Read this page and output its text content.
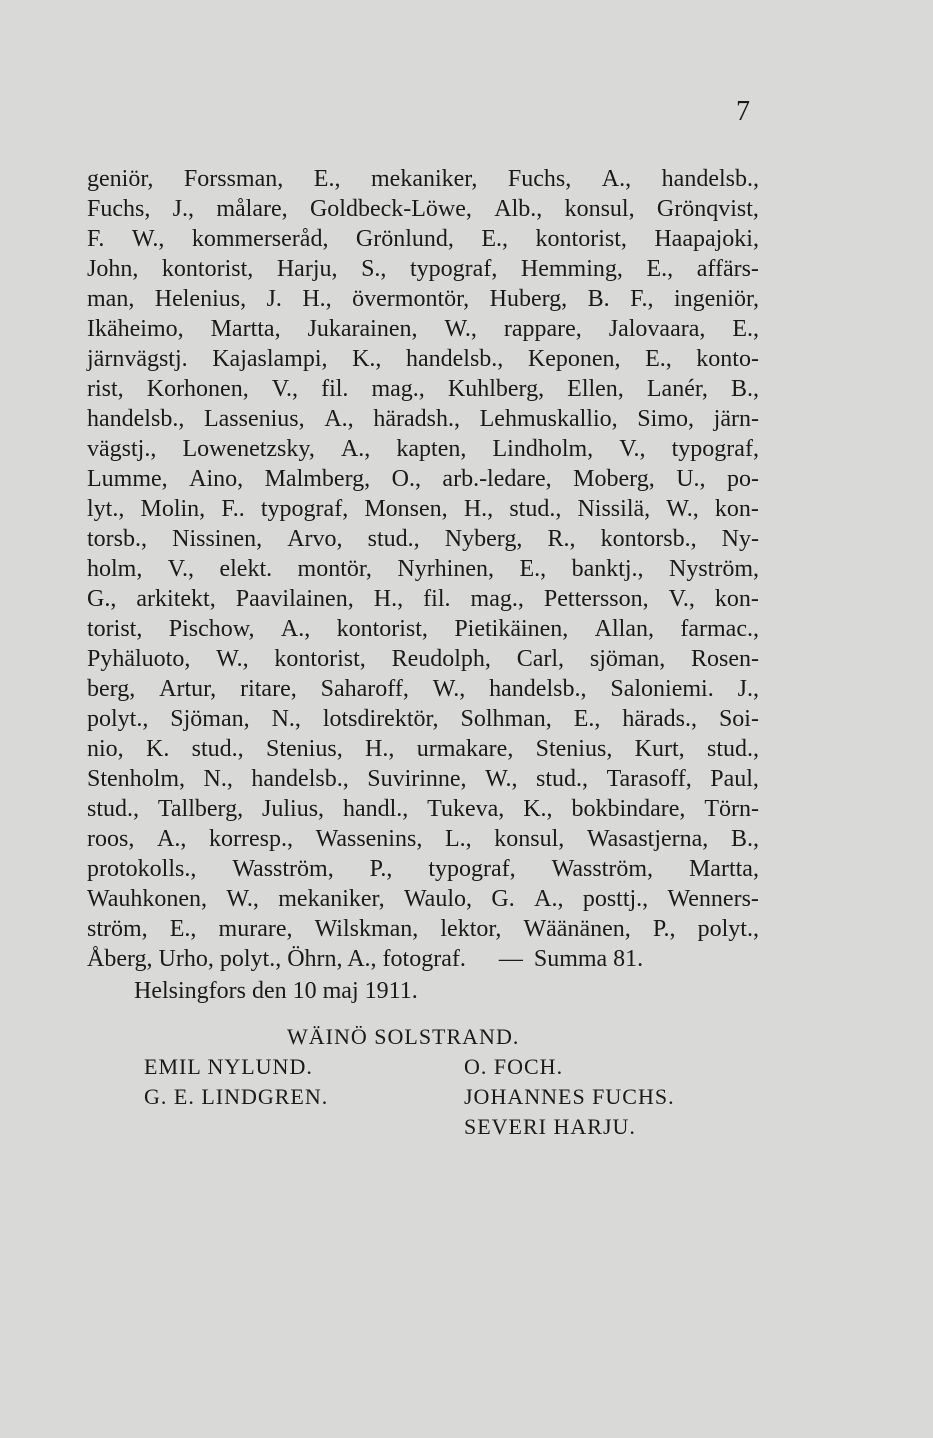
7
geniör, Forssman, E., mekaniker, Fuchs, A., handelsb.,
Fuchs, J., målare, Goldbeck-Löwe, Alb., konsul, Grönqvist,
F. W., kommerseråd, Grönlund, E., kontorist, Haapajoki,
John, kontorist, Harju, S., typograf, Hemming, E., affärs-
man, Helenius, J. H., övermontör, Huberg, B. F., ingeniör,
Ikäheimo, Martta, Jukarainen, W., rappare, Jalovaara, E.,
järnvägstj. Kajaslampi, K., handelsb., Keponen, E., konto-
rist, Korhonen, V., fil. mag., Kuhlberg, Ellen, Lanér, B.,
handelsb., Lassenius, A., häradsh., Lehmuskallio, Simo, järn-
vägstj., Lowenetzsky, A., kapten, Lindholm, V., typograf,
Lumme, Aino, Malmberg, O., arb.-ledare, Moberg, U., po-
lyt., Molin, F.. typograf, Monsen, H., stud., Nissilä, W., kon-
torsb., Nissinen, Arvo, stud., Nyberg, R., kontorsb., Ny-
holm, V., elekt. montör, Nyrhinen, E., banktj., Nyström,
G., arkitekt, Paavilainen, H., fil. mag., Pettersson, V., kon-
torist, Pischow, A., kontorist, Pietikäinen, Allan, farmac.,
Pyhäluoto, W., kontorist, Reudolph, Carl, sjöman, Rosen-
berg, Artur, ritare, Saharoff, W., handelsb., Saloniemi. J.,
polyt., Sjöman, N., lotsdirektör, Solhman, E., härads., Soi-
nio, K. stud., Stenius, H., urmakare, Stenius, Kurt, stud.,
Stenholm, N., handelsb., Suvirinne, W., stud., Tarasoff, Paul,
stud., Tallberg, Julius, handl., Tukeva, K., bokbindare, Törn-
roos, A., korresp., Wassenins, L., konsul, Wasastjerna, B.,
protokolls., Wasström, P., typograf, Wasström, Martta,
Wauhkonen, W., mekaniker, Waulo, G. A., posttj., Wenners-
ström, E., murare, Wilskman, lektor, Wäänänen, P., polyt.,
Åberg, Urho, polyt., Öhrn, A., fotograf. — Summa 81.
Helsingfors den 10 maj 1911.
WÄINÖ SOLSTRAND.
EMIL NYLUND.	O. FOCH.
G. E. LINDGREN.	JOHANNES FUCHS.
SEVERI HARJU.
